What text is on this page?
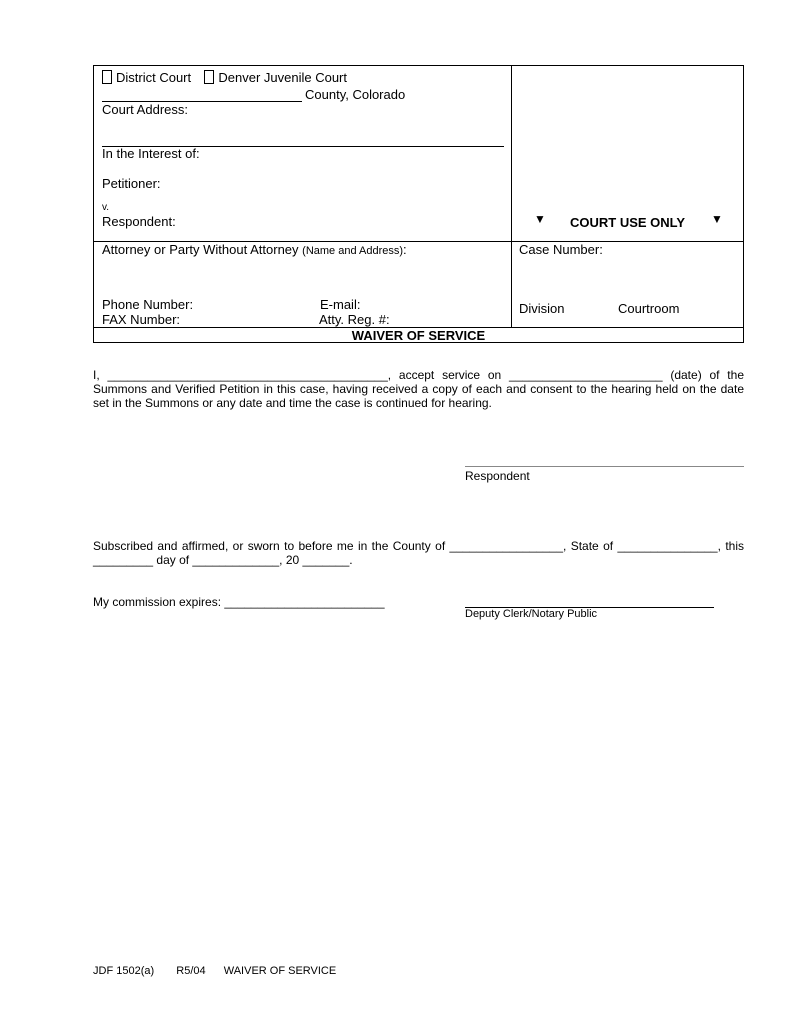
District Court Denver Juvenile Court
County, Colorado
Court Address:
In the Interest of:
Petitioner:
v.
Respondent:	▼ COURT USE ONLY ▼
Attorney or Party Without Attorney (Name and Address):
Phone Number:	E-mail:
FAX Number:	Atty. Reg. #:
Case Number:
Division	Courtroom
WAIVER OF SERVICE
I, __________________________________________, accept service on _______________________ (date) of the Summons and Verified Petition in this case, having received a copy of each and consent to the hearing held on the date set in the Summons or any date and time the case is continued for hearing.
Respondent
Subscribed and affirmed, or sworn to before me in the County of _________________, State of _______________, this _________ day of _____________, 20 _______.
My commission expires: ________________________
Deputy Clerk/Notary Public
JDF 1502(a) R5/04 WAIVER OF SERVICE
